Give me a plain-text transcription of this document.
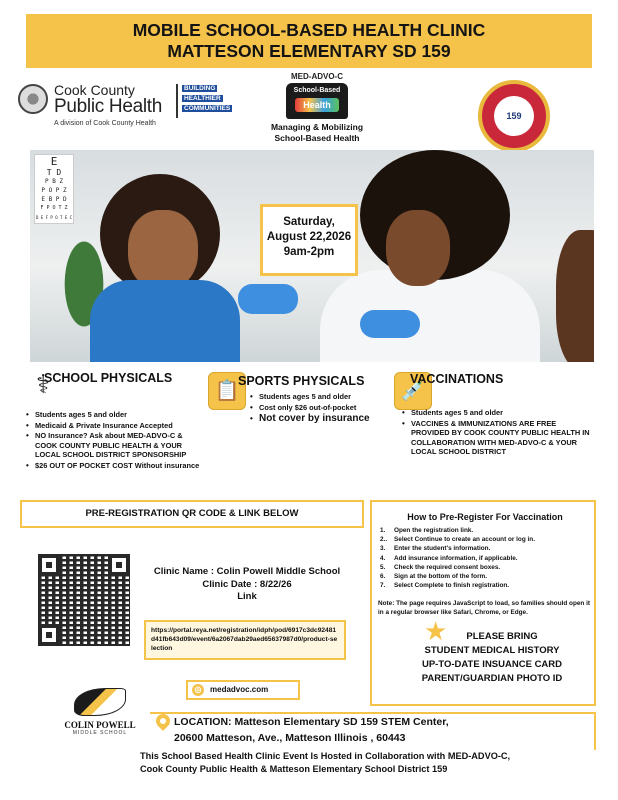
MOBILE SCHOOL-BASED HEALTH CLINIC
MATTESON ELEMENTARY SD 159
Cook County
Public Health
A division of Cook County Health
BUILDING
HEALTHIER
COMMUNITIES
MED-ADVO-C
School-Based
Health
Managing & Mobilizing
School-Based Health
159
E
T D
P B Z
P O P Z
E B P D
F P O T Z
D E F P O T E C	Saturday,
August 22,2026
9am-2pm
⚕
SCHOOL PHYSICALS
• Students ages 5 and older
• Medicaid & Private Insurance Accepted
• NO Insurance? Ask about MED-ADVO-C & COOK COUNTY PUBLIC HEALTH & YOUR LOCAL SCHOOL DISTRICT SPONSORSHIP
• $26 OUT OF POCKET COST Without insurance
📋
SPORTS PHYSICALS
• Students ages 5 and older
• Cost only $26 out-of-pocket
• Not cover by insurance
💉
VACCINATIONS
• Students ages 5 and older
• VACCINES & IMMUNIZATIONS ARE FREE PROVIDED BY COOK COUNTY PUBLIC HEALTH IN COLLABORATION WITH MED-ADVO-C & YOUR LOCAL SCHOOL DISTRICT
PRE-REGISTRATION QR CODE & LINK BELOW
Clinic Name : Colin Powell Middle School
Clinic Date : 8/22/26
Link
https://portal.reya.net/registration/idph/pod/6917c3dc92481d41fb643d09/event/6a2067dab29aed65637987d0/product-selection
◎ medadvoc.com
How to Pre-Register For Vaccination
1. Open the registration link.
2.. Select Continue to create an account or log in.
3. Enter the student's information.
4. Add insurance information, if applicable.
5. Check the required consent boxes.
6. Sign at the bottom of the form.
7. Select Complete to finish registration.
Note: The page requires JavaScript to load, so families should open it in a regular browser like Safari, Chrome, or Edge.
★	PLEASE BRING
STUDENT MEDICAL HISTORY
UP-TO-DATE INSUANCE CARD
PARENT/GUARDIAN PHOTO ID
COLIN POWELL
MIDDLE SCHOOL
LOCATION: Matteson Elementary SD 159 STEM Center,
20600 Matteson, Ave., Matteson Illinois , 60443
This School Based Health Clinic Event Is Hosted in Collaboration with MED-ADVO-C,
Cook County Public Health & Matteson Elementary School District 159
